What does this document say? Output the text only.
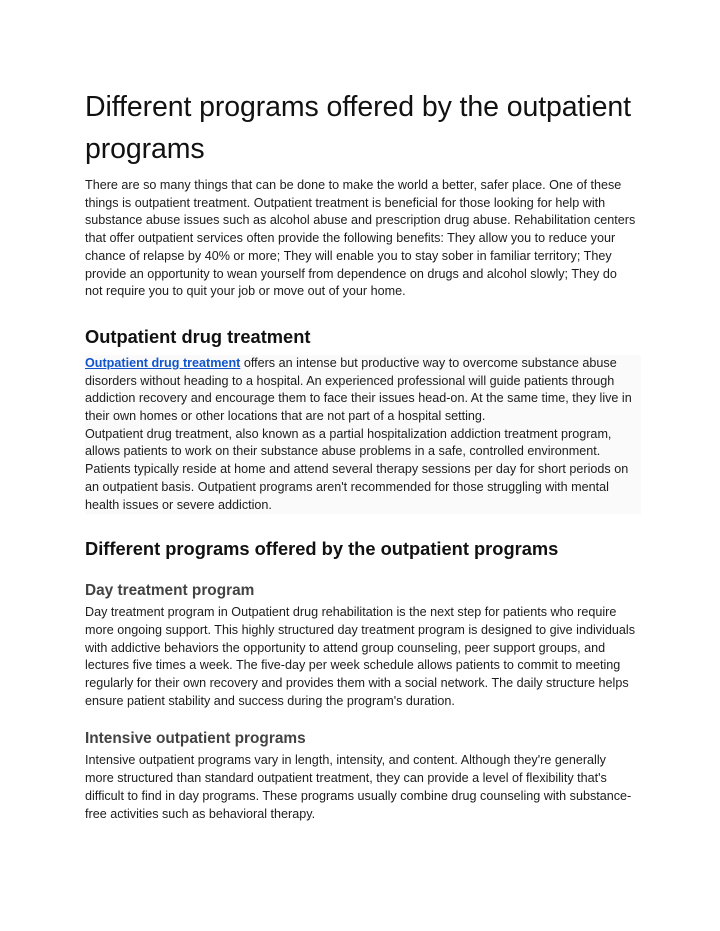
Different programs offered by the outpatient programs

There are so many things that can be done to make the world a better, safer place. One of these things is outpatient treatment. Outpatient treatment is beneficial for those looking for help with substance abuse issues such as alcohol abuse and prescription drug abuse. Rehabilitation centers that offer outpatient services often provide the following benefits: They allow you to reduce your chance of relapse by 40% or more; They will enable you to stay sober in familiar territory; They provide an opportunity to wean yourself from dependence on drugs and alcohol slowly; They do not require you to quit your job or move out of your home.

Outpatient drug treatment

Outpatient drug treatment offers an intense but productive way to overcome substance abuse disorders without heading to a hospital. An experienced professional will guide patients through addiction recovery and encourage them to face their issues head-on. At the same time, they live in their own homes or other locations that are not part of a hospital setting.

Outpatient drug treatment, also known as a partial hospitalization addiction treatment program, allows patients to work on their substance abuse problems in a safe, controlled environment. Patients typically reside at home and attend several therapy sessions per day for short periods on an outpatient basis. Outpatient programs aren't recommended for those struggling with mental health issues or severe addiction.

Different programs offered by the outpatient programs
Day treatment program

Day treatment program in Outpatient drug rehabilitation is the next step for patients who require more ongoing support. This highly structured day treatment program is designed to give individuals with addictive behaviors the opportunity to attend group counseling, peer support groups, and lectures five times a week. The five-day per week schedule allows patients to commit to meeting regularly for their own recovery and provides them with a social network. The daily structure helps ensure patient stability and success during the program's duration.

Intensive outpatient programs

Intensive outpatient programs vary in length, intensity, and content. Although they're generally more structured than standard outpatient treatment, they can provide a level of flexibility that's difficult to find in day programs. These programs usually combine drug counseling with substance-free activities such as behavioral therapy.
